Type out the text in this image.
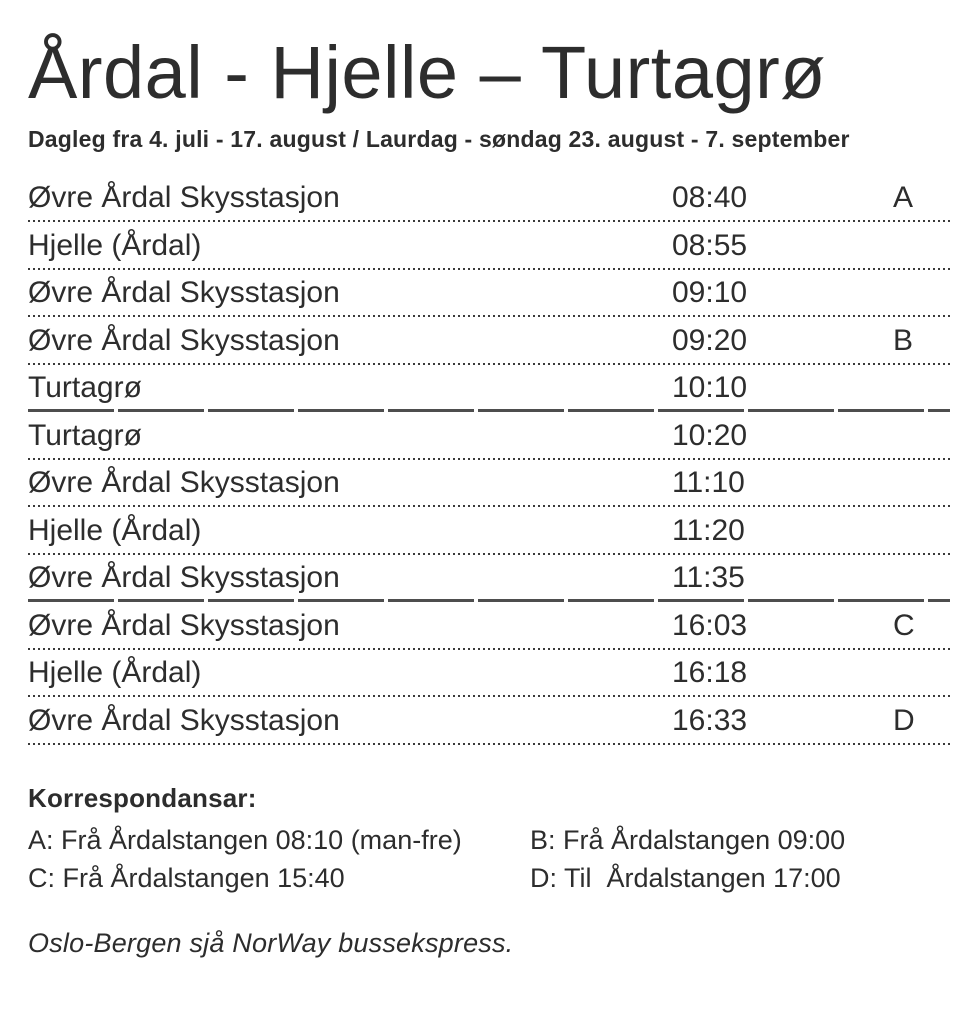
Årdal - Hjelle – Turtagrø

Dagleg fra 4. juli - 17. august / Laurdag - søndag 23. august - 7. september

Øvre Årdal Skysstasjon	08:40	A
Hjelle (Årdal)	08:55
Øvre Årdal Skysstasjon	09:10
Øvre Årdal Skysstasjon	09:20	B
Turtagrø	10:10
Turtagrø	10:20
Øvre Årdal Skysstasjon	11:10
Hjelle (Årdal)	11:20
Øvre Årdal Skysstasjon	11:35
Øvre Årdal Skysstasjon	16:03	C
Hjelle (Årdal)	16:18
Øvre Årdal Skysstasjon	16:33	D
Korrespondansar:
A: Frå Årdalstangen 08:10 (man-fre)	B: Frå Årdalstangen 09:00
C: Frå Årdalstangen 15:40	D: Til  Årdalstangen 17:00

Oslo-Bergen sjå NorWay bussekspress.
